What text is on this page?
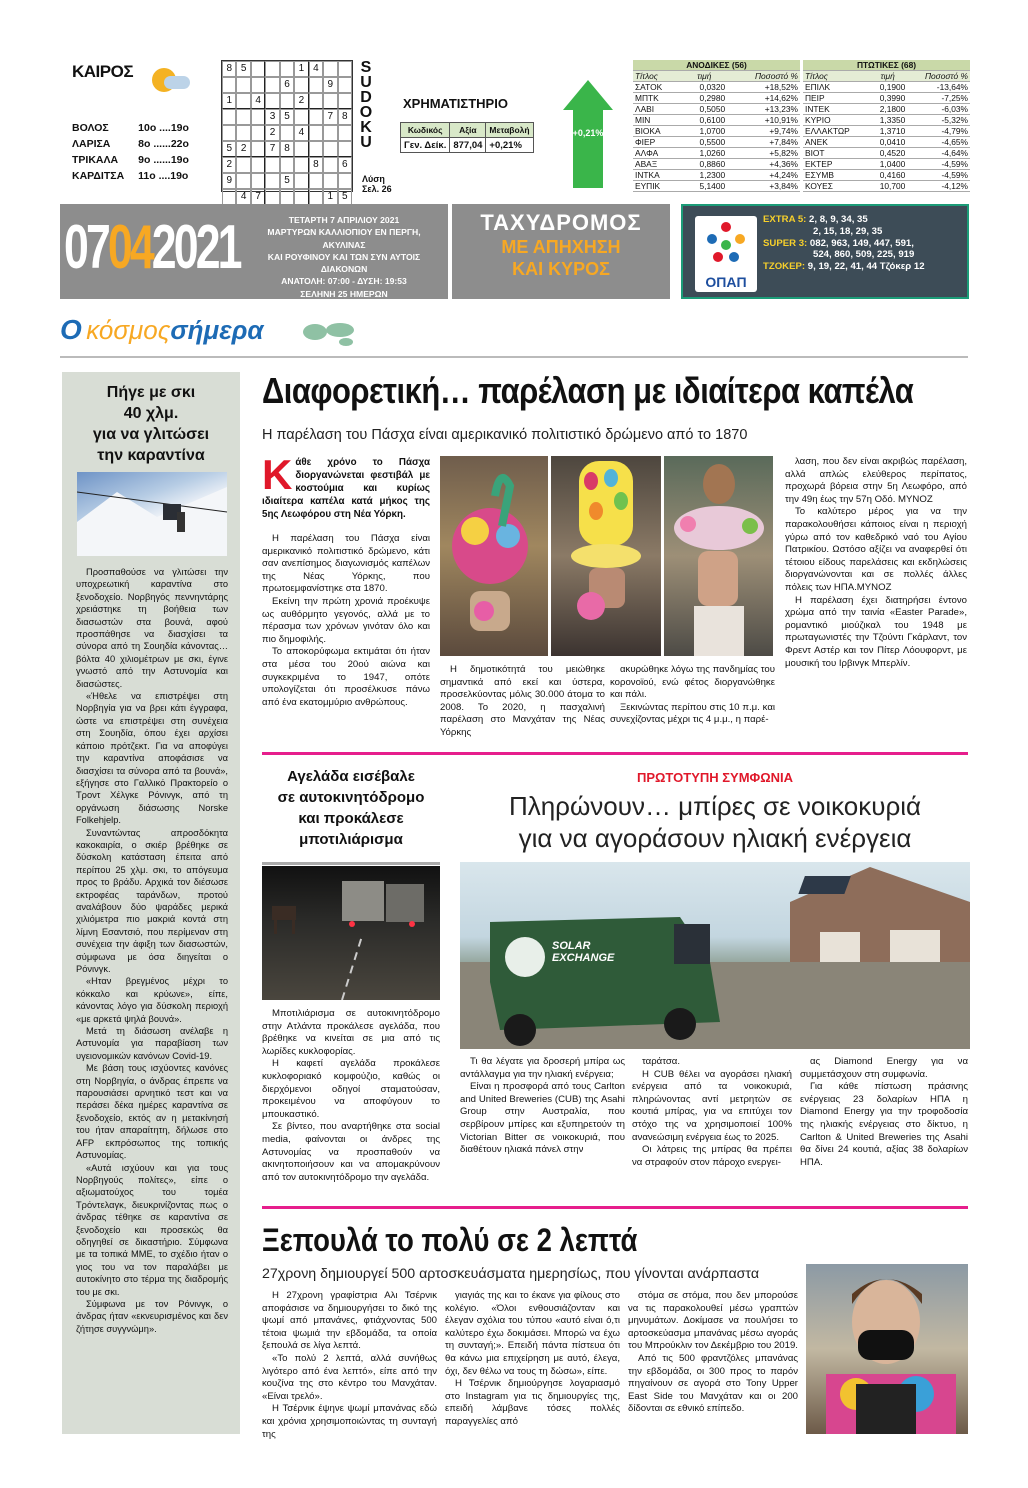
ΚΑΙΡΟΣ
ΒΟΛΟΣ	10ο ....19ο
ΛΑΡΙΣΑ	8ο ......22ο
ΤΡΙΚΑΛΑ	9ο ......19ο
ΚΑΡΔΙΤΣΑ	11ο ....19ο
8 5	1 4
6	9
1	4	2
3 5	7 8
2	4
5 2	7 8
2	8	6
9	5
4 7	1 5
S
U
D
O
K
U
Λύση
Σελ. 26
ΧΡΗΜΑΤΙΣΤΗΡΙΟ
Κωδικός	Αξία	Μεταβολή
Γεν. Δείκ.	877,04	+0,21%
+0,21%
ΑΝΟΔΙΚΕΣ (56)		
Τίτλος	τιμή	Ποσοστό %
ΣΑΤΟΚ	0,0320	+18,52%
ΜΠΤΚ	0,2980	+14,62%
ΛΑΒΙ	0,5050	+13,23%
ΜΙΝ	0,6100	+10,91%
ΒΙΟΚΑ	1,0700	+9,74%
ΦΙΕΡ	0,5500	+7,84%
ΑΛΦΑ	1,0260	+5,82%
ΑΒΑΞ	0,8860	+4,36%
ΙΝΤΚΑ	1,2300	+4,24%
ΕΥΠΙΚ	5,1400	+3,84%
ΠΤΩΤΙΚΕΣ (68)		
Τίτλος	τιμή	Ποσοστό %
ΕΠΙΛΚ	0,1900	-13,64%
ΠΕΙΡ	0,3990	-7,25%
ΙΝΤΕΚ	2,1800	-6,03%
ΚΥΡΙΟ	1,3350	-5,32%
ΕΛΛΑΚΤΩΡ	1,3710	-4,79%
ΑΝΕΚ	0,0410	-4,65%
ΒΙΟΤ	0,4520	-4,64%
ΕΚΤΕΡ	1,0400	-4,59%
ΕΣΥΜΒ	0,4160	-4,59%
ΚΟΥΕΣ	10,700	-4,12%
07042021	ΤΕΤΑΡΤΗ 7 ΑΠΡΙΛΙΟΥ 2021
ΜΑΡΤΥΡΩΝ ΚΑΛΛΙΟΠΙΟΥ ΕΝ ΠΕΡΓΗ, ΑΚΥΛΙΝΑΣ
ΚΑΙ ΡΟΥΦΙΝΟΥ ΚΑΙ ΤΩΝ ΣΥΝ ΑΥΤΟΙΣ ΔΙΑΚΟΝΩΝ
ΑΝΑΤΟΛΗ: 07:00 - ΔΥΣΗ: 19:53
ΣΕΛΗΝΗ 25 ΗΜΕΡΩΝ
ΤΑΧΥΔΡΟΜΟΣ
ΜΕ ΑΠΗΧΗΣΗ
ΚΑΙ ΚΥΡΟΣ
ΟΠΑΠ
EXTRA 5: 2, 8, 9, 34, 35
2, 15, 18, 29, 35
SUPER 3: 082, 963, 149, 447, 591,
524, 860, 509, 225, 919
ΤΖΟΚΕΡ: 9, 19, 22, 41, 44 Τζόκερ 12
Ο κόσμοςσήμερα
Πήγε με σκι
40 χλμ.
για να γλιτώσει
την καραντίνα

Προσπαθούσε να γλιτώσει την υποχρεωτική καραντίνα στο ξενοδοχείο. Νορβηγός πεννηντάρης χρειάστηκε τη βοήθεια των διασωστών στα βουνά, αφού προσπάθησε να διασχίσει τα σύνορα από τη Σουηδία κάνοντας… βόλτα 40 χιλιομέτρων με σκι, έγινε γνωστό από την Αστυνομία και διασώστες.

«Ήθελε να επιστρέψει στη Νορβηγία για να βρει κάτι έγγραφα, ώστε να επιστρέψει στη συνέχεια στη Σουηδία, όπου έχει αρχίσει κάποιο πρότζεκτ. Για να αποφύγει την καραντίνα αποφάσισε να διασχίσει τα σύνορα από τα βουνά», εξήγησε στο Γαλλικό Πρακτορείο ο Τροντ Χέλγκε Ρόνινγκ, από τη οργάνωση διάσωσης Norske Folkehjelp.

Συναντώντας απροσδόκητα κακοκαιρία, ο σκιέρ βρέθηκε σε δύσκολη κατάσταση έπειτα από περίπου 25 χλμ. σκι, το απόγευμα προς το βράδυ. Αρχικά τον διέσωσε εκτροφέας ταράνδων, προτού αναλάβουν δύο ψαράδες μερικά χιλιόμετρα πιο μακριά κοντά στη λίμνη Εσαντσιό, που περίμεναν στη συνέχεια την άφιξη των διασωστών, σύμφωνα με όσα διηγείται ο Ρόνινγκ.

«Ηταν βρεγμένος μέχρι το κόκκαλο και κρύωνε», είπε, κάνοντας λόγο για δύσκολη περιοχή «με αρκετά ψηλά βουνά».

Μετά τη διάσωση ανέλαβε η Αστυνομία για παραβίαση των υγειονομικών κανόνων Covid-19.

Με βάση τους ισχύοντες κανόνες στη Νορβηγία, ο άνδρας έπρεπε να παρουσιάσει αρνητικό τεστ και να περάσει δέκα ημέρες καραντίνα σε ξενοδοχείο, εκτός αν η μετακίνησή του ήταν απαραίτητη, δήλωσε στο AFP εκπρόσωπος της τοπικής Αστυνομίας.

«Αυτά ισχύουν και για τους Νορβηγούς πολίτες», είπε ο αξιωματούχος του τομέα Τρόντελαγκ, διευκρινίζοντας πως ο άνδρας τέθηκε σε καραντίνα σε ξενοδοχείο και προσεκώς θα οδηγηθεί σε δικαστήριο. Σύμφωνα με τα τοπικά ΜΜΕ, το σχέδιο ήταν ο γιος του να τον παραλάβει με αυτοκίνητο στο τέρμα της διαδρομής του με σκι.

Σύμφωνα με τον Ρόνινγκ, ο άνδρας ήταν «εκνευρισμένος και δεν ζήτησε συγγνώμη».

Διαφορετική… παρέλαση με ιδιαίτερα καπέλα
Η παρέλαση του Πάσχα είναι αμερικανικό πολιτιστικό δρώμενο από το 1870

Κάθε χρόνο το Πάσχα διοργανώνεται φεστιβάλ με κοστούμια και κυρίως ιδιαίτερα καπέλα κατά μήκος της 5ης Λεωφόρου στη Νέα Υόρκη.

Η παρέλαση του Πάσχα είναι αμερικανικό πολιτιστικό δρώμενο, κάτι σαν ανεπίσημος διαγωνισμός καπέλων της Νέας Υόρκης, που πρωτοεμφανίστηκε στα 1870.

Εκείνη την πρώτη χρονιά προέκυψε ως αυθόρμητο γεγονός, αλλά με το πέρασμα των χρόνων γινόταν όλο και πιο δημοφιλής.

Το αποκορύφωμα εκτιμάται ότι ήταν στα μέσα του 20ού αιώνα και συγκεκριμένα το 1947, οπότε υπολογίζεται ότι προσέλκυσε πάνω από ένα εκατομμύριο ανθρώπους.

Η δημοτικότητά του μειώθηκε σημαντικά από εκεί και ύστερα, προσελκύοντας μόλις 30.000 άτομα το 2008. Το 2020, η πασχαλινή παρέλαση στο Μανχάταν της Νέας Υόρκης

ακυρώθηκε λόγω της πανδημίας του κορονοϊού, ενώ φέτος διοργανώθηκε και πάλι.

Ξεκινώντας περίπου στις 10 π.μ. και συνεχίζοντας μέχρι τις 4 μ.μ., η παρέ-

λαση, που δεν είναι ακριβώς παρέλαση, αλλά απλώς ελεύθερος περίπατος, προχωρά βόρεια στην 5η Λεωφόρο, από την 49η έως την 57η Οδό. ΜΥΝΟΖ

Το καλύτερο μέρος για να την παρακολουθήσει κάποιος είναι η περιοχή γύρω από τον καθεδρικό ναό του Αγίου Πατρικίου. Ωστόσο αξίζει να αναφερθεί ότι τέτοιου είδους παρελάσεις και εκδηλώσεις διοργανώνονται και σε πολλές άλλες πόλεις των ΗΠΑ.ΜΥΝΟΖ

Η παρέλαση έχει διατηρήσει έντονο χρώμα από την ταινία «Easter Parade», ρομαντικό μιούζικαλ του 1948 με πρωταγωνιστές την Τζούντι Γκάρλαντ, τον Φρεντ Αστέρ και τον Πίτερ Λόουφορντ, με μουσική του Ιρβινγκ Μπερλίν.

Αγελάδα εισέβαλε
σε αυτοκινητόδρομο
και προκάλεσε
μποτιλιάρισμα

Μποτιλιάρισμα σε αυτοκινητόδρομο στην Ατλάντα προκάλεσε αγελάδα, που βρέθηκε να κινείται σε μια από τις λωρίδες κυκλοφορίας.

Η καφετί αγελάδα προκάλεσε κυκλοφοριακό κομφούζιο, καθώς οι διερχόμενοι οδηγοί σταματούσαν, προκειμένου να αποφύγουν το μπουκαστικό.

Σε βίντεο, που αναρτήθηκε στα social media, φαίνονται οι άνδρες της Αστυνομίας να προσπαθούν να ακινητοποιήσουν και να απομακρύνουν από τον αυτοκινητόδρομο την αγελάδα.

ΠΡΩΤΟΤΥΠΗ ΣΥΜΦΩΝΙΑ
Πληρώνουν… μπίρες σε νοικοκυριά
για να αγοράσουν ηλιακή ενέργεια
SOLAR
EXCHANGE

Τι θα λέγατε για δροσερή μπίρα ως αντάλλαγμα για την ηλιακή ενέργεια;

Είναι η προσφορά από τους Carlton and United Breweries (CUB) της Asahi Group στην Αυστραλία, που σερβίρουν μπίρες και εξυπηρετούν τη Victorian Bitter σε νοικοκυριά, που διαθέτουν ηλιακά πάνελ στην

ταράτσα.

Η CUB θέλει να αγοράσει ηλιακή ενέργεια από τα νοικοκυριά, πληρώνοντας αντί μετρητών σε κουτιά μπίρας, για να επιτύχει τον στόχο της να χρησιμοποιεί 100% ανανεώσιμη ενέργεια έως το 2025.

Οι λάτρεις της μπίρας θα πρέπει να στραφούν στον πάροχο ενεργει-

ας Diamond Energy για να συμμετάσχουν στη συμφωνία.

Για κάθε πίστωση πράσινης ενέργειας 23 δολαρίων ΗΠΑ η Diamond Energy για την τροφοδοσία της ηλιακής ενέργειας στο δίκτυο, η Carlton & United Breweries της Asahi θα δίνει 24 κουτιά, αξίας 38 δολαρίων ΗΠΑ.

Ξεπουλά το πολύ σε 2 λεπτά
27χρονη δημιουργεί 500 αρτοσκευάσματα ημερησίως, που γίνονται ανάρπαστα

Η 27χρονη γραφίστρια Αλι Τσέρνικ αποφάσισε να δημιουργήσει το δικό της ψωμί από μπανάνες, φτιάχνοντας 500 τέτοια ψωμιά την εβδομάδα, τα οποία ξεπουλά σε λίγα λεπτά.

«Το πολύ 2 λεπτά, αλλά συνήθως λιγότερο από ένα λεπτό», είπε από την κουζίνα της στο κέντρο του Μανχάταν. «Είναι τρελό».

Η Τσέρνικ έψηνε ψωμί μπανάνας εδώ και χρόνια χρησιμοποιώντας τη συνταγή της

γιαγιάς της και το έκανε για φίλους στο κολέγιο. «Όλοι ενθουσιάζονταν και έλεγαν σχόλια του τύπου «αυτό είναι ό,τι καλύτερο έχω δοκιμάσει. Μπορώ να έχω τη συνταγή;». Επειδή πάντα πίστευα ότι θα κάνω μια επιχείρηση με αυτό, έλεγα, όχι, δεν θέλω να τους τη δώσω», είπε.

Η Τσέρνικ δημιούργησε λογαριασμό στο Instagram για τις δημιουργίες της, επειδή λάμβανε τόσες πολλές παραγγελίες από

στόμα σε στόμα, που δεν μπορούσε να τις παρακολουθεί μέσω γραπτών μηνυμάτων. Δοκίμασε να πουλήσει το αρτοσκεύασμα μπανάνας μέσω αγοράς του Μπρούκλιν τον Δεκέμβριο του 2019.

Από τις 500 φραντζόλες μπανάνας την εβδομάδα, οι 300 προς το παρόν πηγαίνουν σε αγορά στο Tony Upper East Side του Μανχάταν και οι 200 δίδονται σε εθνικό επίπεδο.
